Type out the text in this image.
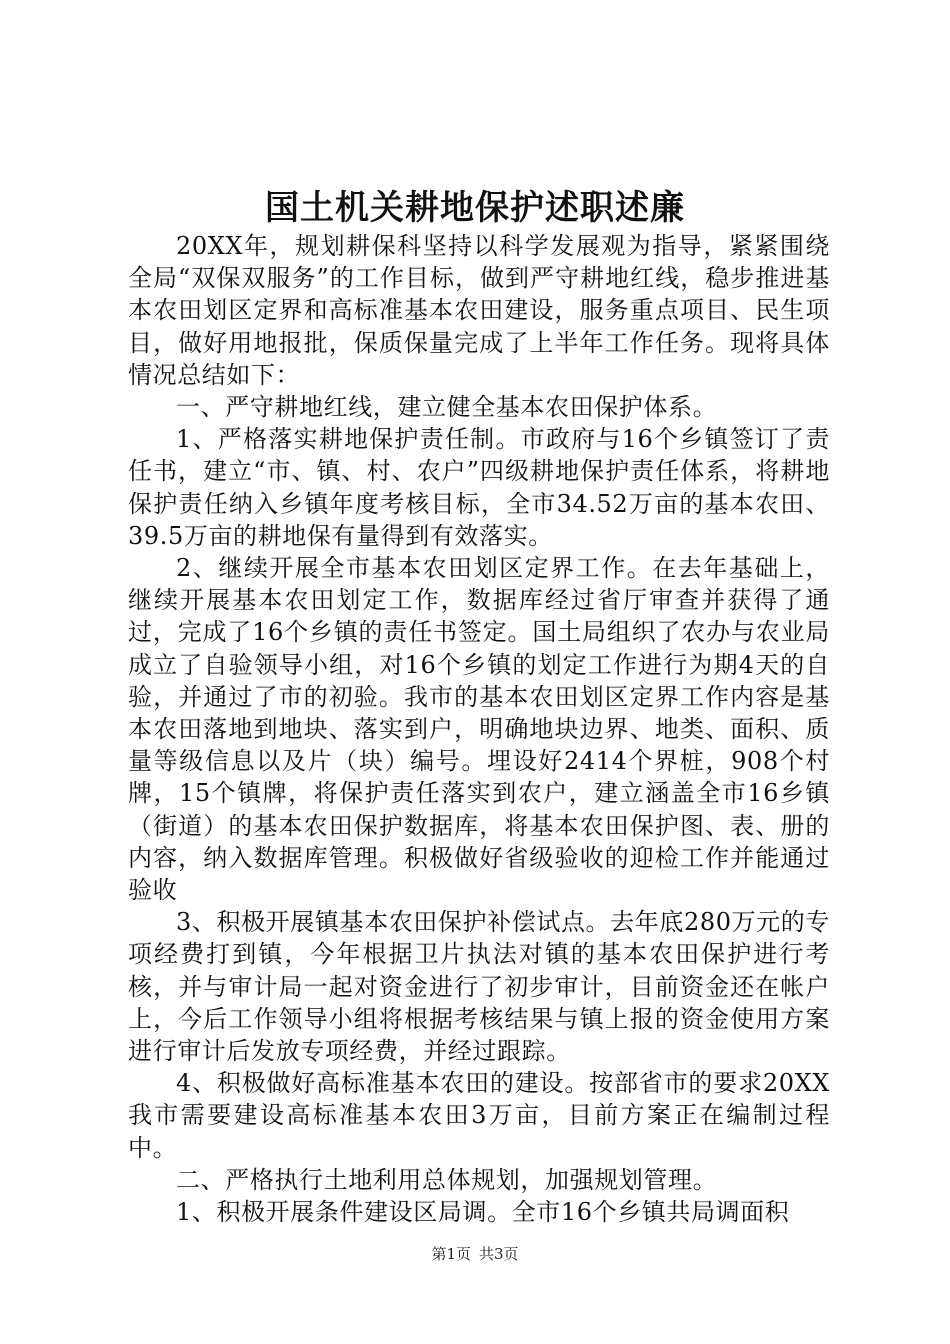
国土机关耕地保护述职述廉

20XX年，规划耕保科坚持以科学发展观为指导，紧紧围绕全局“双保双服务”的工作目标，做到严守耕地红线，稳步推进基本农田划区定界和高标准基本农田建设，服务重点项目、民生项目，做好用地报批，保质保量完成了上半年工作任务。现将具体情况总结如下：

一、严守耕地红线，建立健全基本农田保护体系。

1、严格落实耕地保护责任制。市政府与16个乡镇签订了责任书，建立“市、镇、村、农户”四级耕地保护责任体系，将耕地保护责任纳入乡镇年度考核目标，全市34.52万亩的基本农田、39.5万亩的耕地保有量得到有效落实。

2、继续开展全市基本农田划区定界工作。在去年基础上，继续开展基本农田划定工作，数据库经过省厅审查并获得了通过，完成了16个乡镇的责任书签定。国土局组织了农办与农业局成立了自验领导小组，对16个乡镇的划定工作进行为期4天的自验，并通过了市的初验。我市的基本农田划区定界工作内容是基本农田落地到地块、落实到户，明确地块边界、地类、面积、质量等级信息以及片（块）编号。埋设好2414个界桩，908个村牌，15个镇牌，将保护责任落实到农户，建立涵盖全市16乡镇（街道）的基本农田保护数据库，将基本农田保护图、表、册的内容，纳入数据库管理。积极做好省级验收的迎检工作并能通过验收

3、积极开展镇基本农田保护补偿试点。去年底280万元的专项经费打到镇，今年根据卫片执法对镇的基本农田保护进行考核，并与审计局一起对资金进行了初步审计，目前资金还在帐户上，今后工作领导小组将根据考核结果与镇上报的资金使用方案进行审计后发放专项经费，并经过跟踪。

4、积极做好高标准基本农田的建设。按部省市的要求20XX我市需要建设高标准基本农田3万亩，目前方案正在编制过程中。

二、严格执行土地利用总体规划，加强规划管理。

1、积极开展条件建设区局调。全市16个乡镇共局调面积

第1页 共3页
